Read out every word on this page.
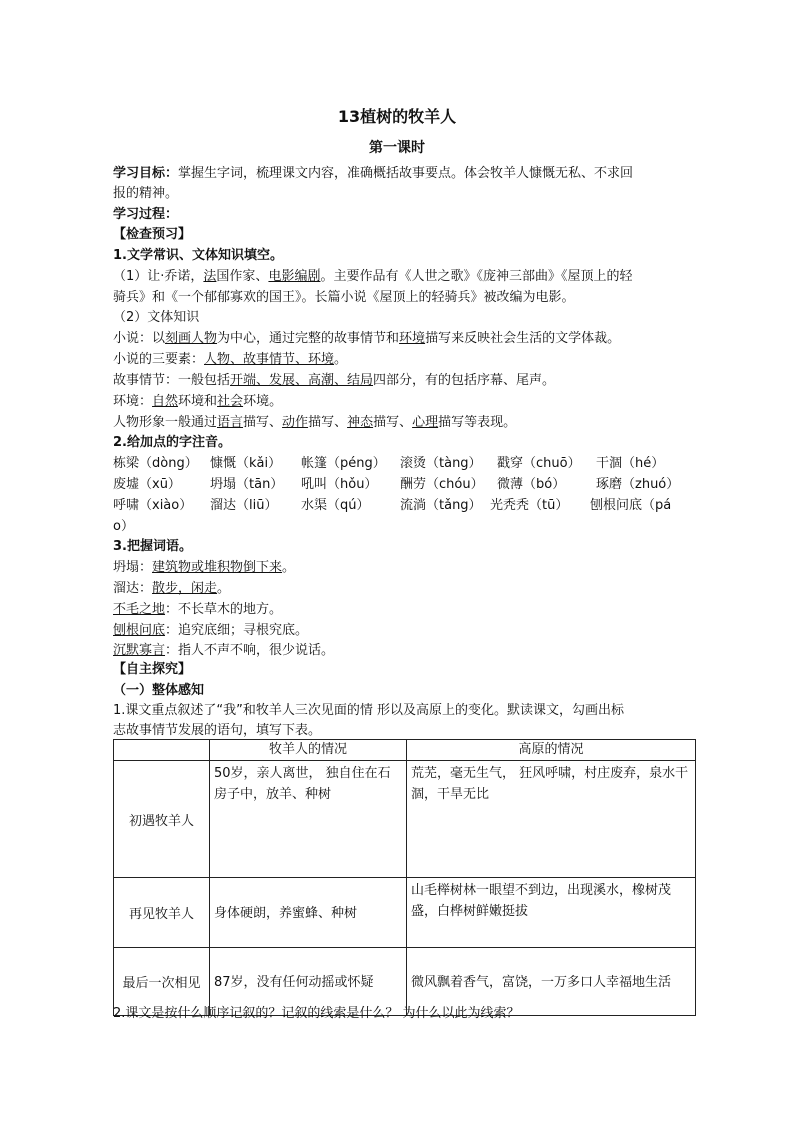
13植树的牧羊人
第一课时
学习目标：掌握生字词，梳理课文内容，准确概括故事要点。体会牧羊人慷慨无私、不求回
报的精神。
学习过程：
【检查预习】
1.文学常识、文体知识填空。
（1）让·乔诺，法国作家、电影编剧。主要作品有《人世之歌》《庞神三部曲》《屋顶上的轻
骑兵》和《一个郁郁寡欢的国王》。长篇小说《屋顶上的轻骑兵》被改编为电影。
（2）文体知识
小说：以刻画人物为中心，通过完整的故事情节和环境描写来反映社会生活的文学体裁。
小说的三要素：人物、故事情节、环境。
故事情节：一般包括开端、发展、高潮、结局四部分，有的包括序幕、尾声。
环境：自然环境和社会环境。
人物形象一般通过语言描写、动作描写、神态描写、心理描写等表现。
2.给加点的字注音。
栋梁（dòng） 慷慨（kǎi） 帐篷（péng） 滚烫（tàng） 戳穿（chuō） 干涸（hé）
废墟（xū） 坍塌（tān） 吼叫（hǒu） 酬劳（chóu） 微薄（bó） 琢磨（zhuó）
呼啸（xiào） 溜达（liū） 水渠（qú） 流淌（tǎng） 光秃秃（tū） 刨根问底（pá
o）
3.把握词语。
坍塌：建筑物或堆积物倒下来。
溜达：散步，闲走。
不毛之地：不长草木的地方。
刨根问底：追究底细；寻根究底。
沉默寡言：指人不声不响，很少说话。
【自主探究】
（一）整体感知
1.课文重点叙述了“我”和牧羊人三次见面的情 形以及高原上的变化。默读课文，勾画出标
志故事情节发展的语句，填写下表。
	牧羊人的情况	高原的情况
初遇牧羊人	50岁，亲人离世， 独自住在石房子中，放羊、种树	荒芜，毫无生气， 狂风呼啸，村庄废弃，泉水干涸，干旱无比

再见牧羊人	身体硬朗，养蜜蜂、种树	山毛榉树林一眼望不到边，出现溪水，橡树茂盛，白桦树鲜嫩挺拔

最后一次相见	87岁，没有任何动摇或怀疑	微风飘着香气，富饶，一万多口人幸福地生活
2.课文是按什么顺序记叙的？记叙的线索是什么？ 为什么以此为线索？
